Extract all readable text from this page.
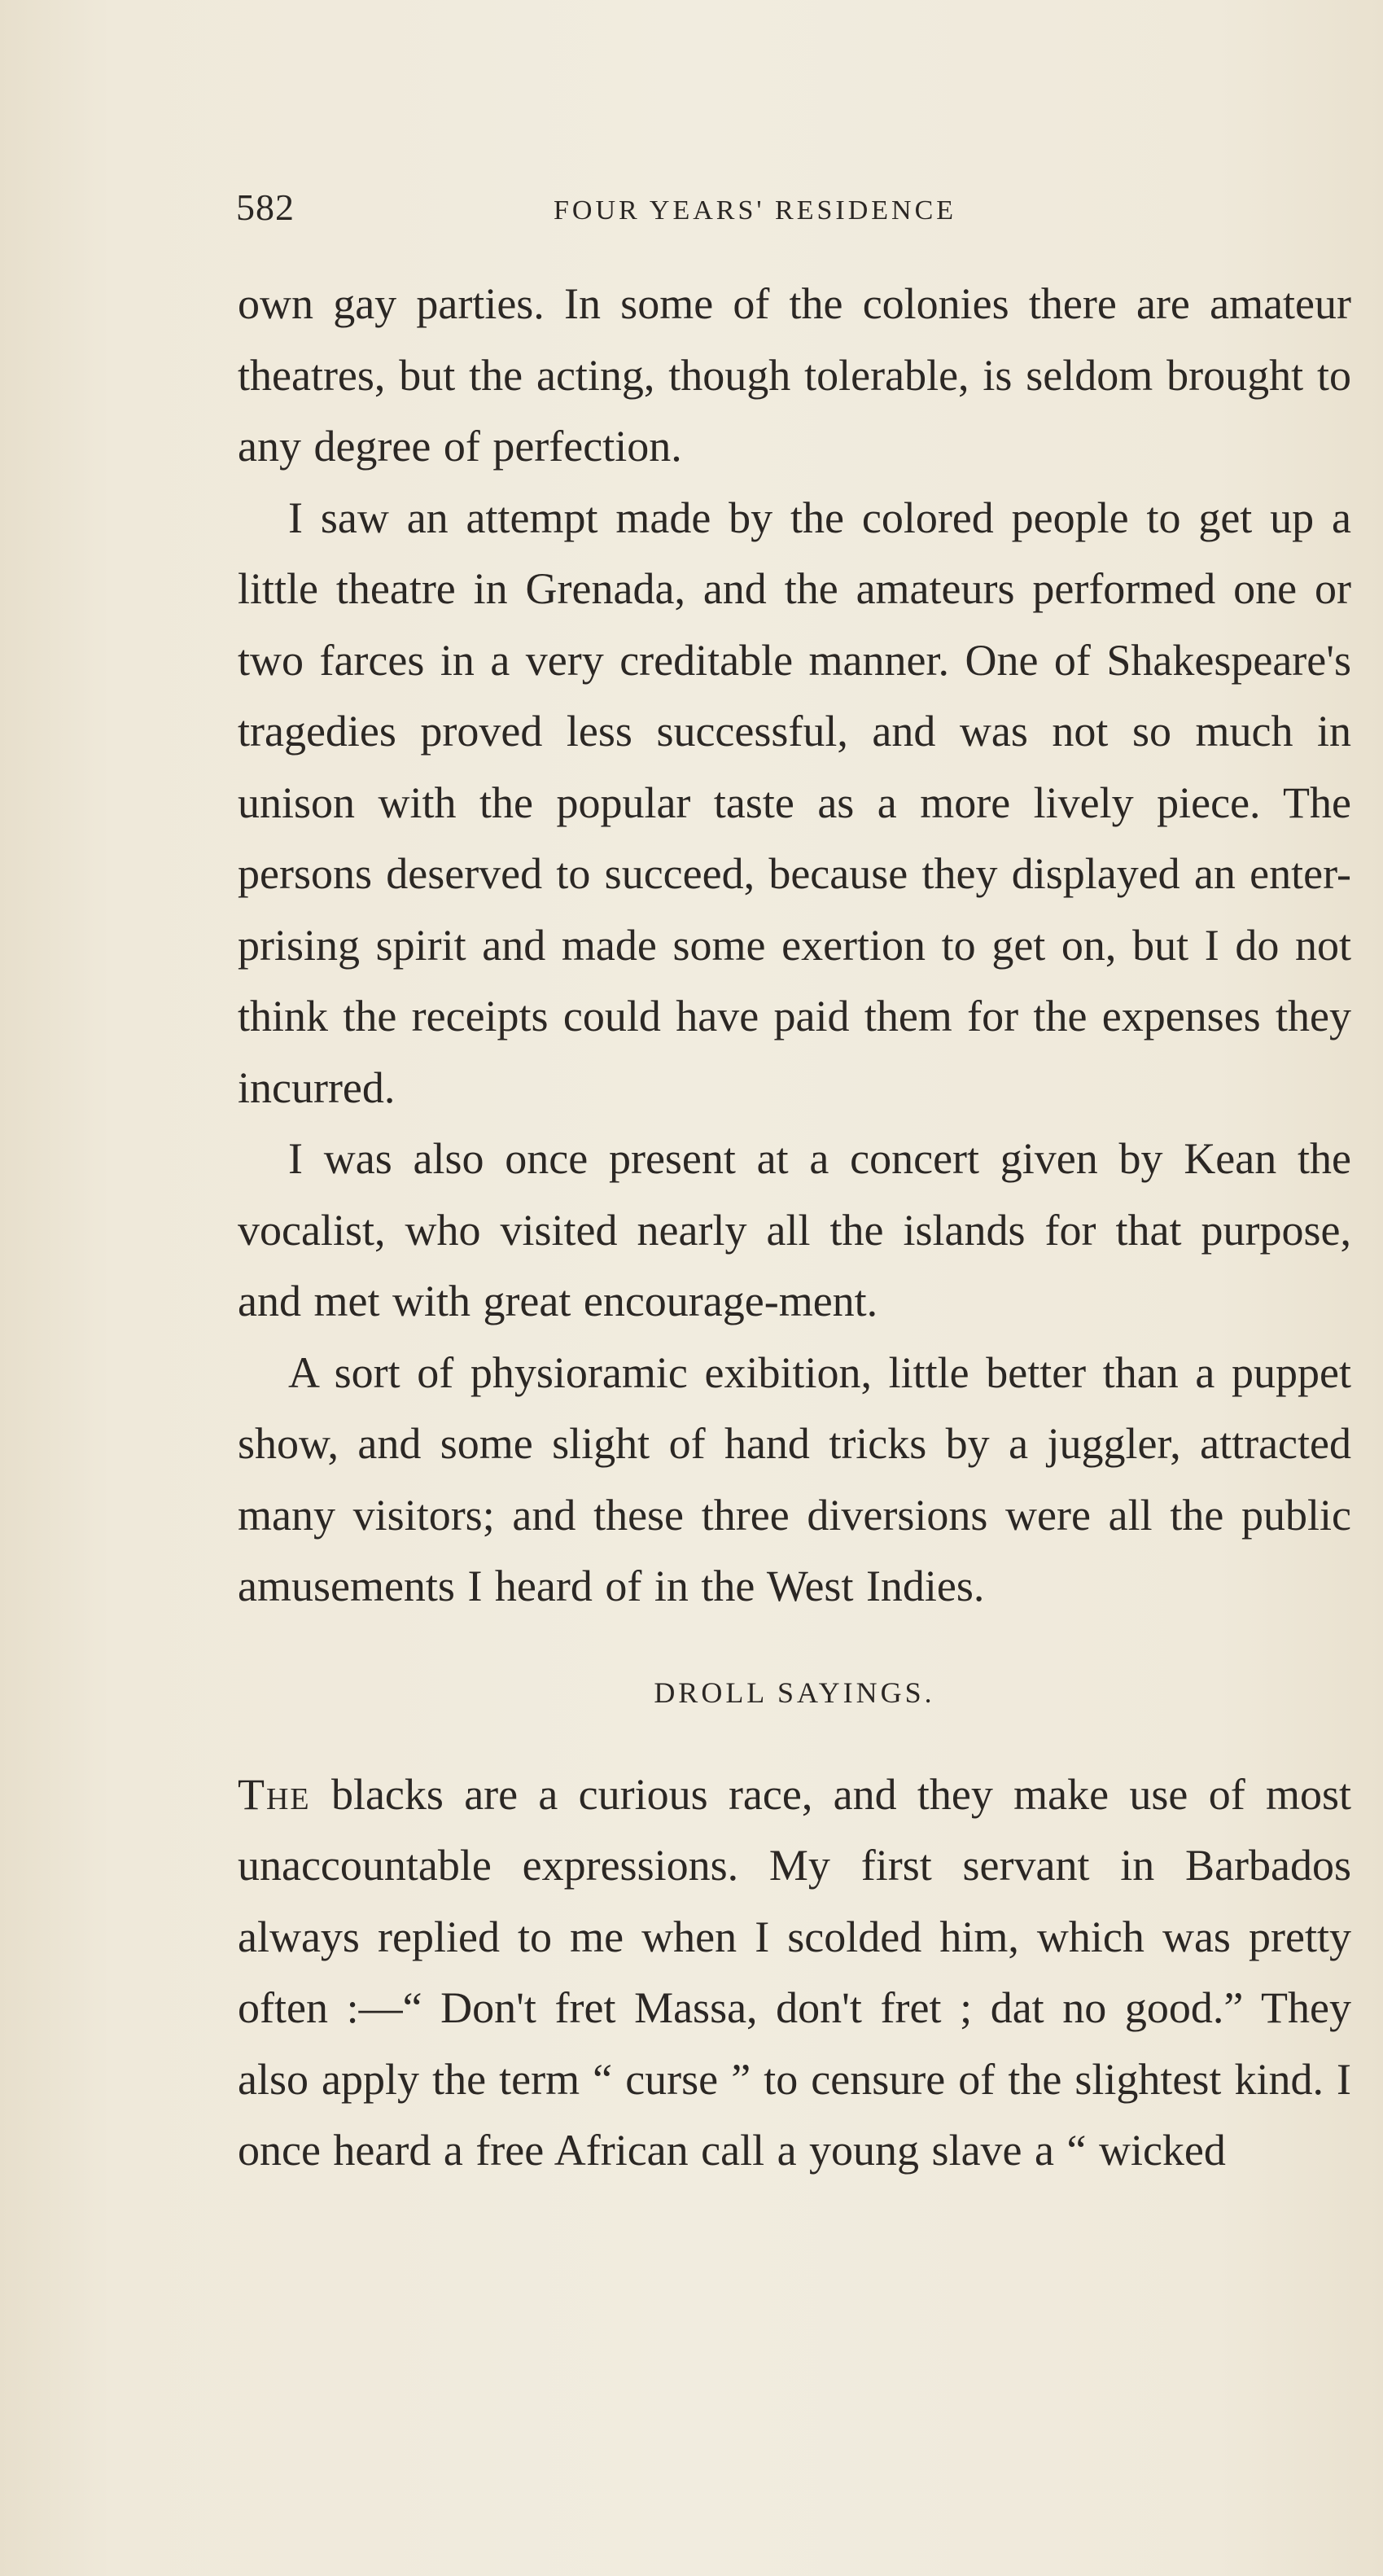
582	FOUR YEARS' RESIDENCE

own gay parties. In some of the colonies there are amateur theatres, but the acting, though tolerable, is seldom brought to any degree of perfection.

I saw an attempt made by the colored people to get up a little theatre in Grenada, and the amateurs performed one or two farces in a very creditable manner. One of Shakespeare's tragedies proved less successful, and was not so much in unison with the popular taste as a more lively piece. The persons deserved to succeed, because they displayed an enter-prising spirit and made some exertion to get on, but I do not think the receipts could have paid them for the expenses they incurred.

I was also once present at a concert given by Kean the vocalist, who visited nearly all the islands for that purpose, and met with great encourage-ment.

A sort of physioramic exibition, little better than a puppet show, and some slight of hand tricks by a juggler, attracted many visitors; and these three diversions were all the public amusements I heard of in the West Indies.

DROLL SAYINGS.

The blacks are a curious race, and they make use of most unaccountable expressions. My first servant in Barbados always replied to me when I scolded him, which was pretty often :—“ Don't fret Massa, don't fret ; dat no good.” They also apply the term “ curse ” to censure of the slightest kind. I once heard a free African call a young slave a “ wicked
